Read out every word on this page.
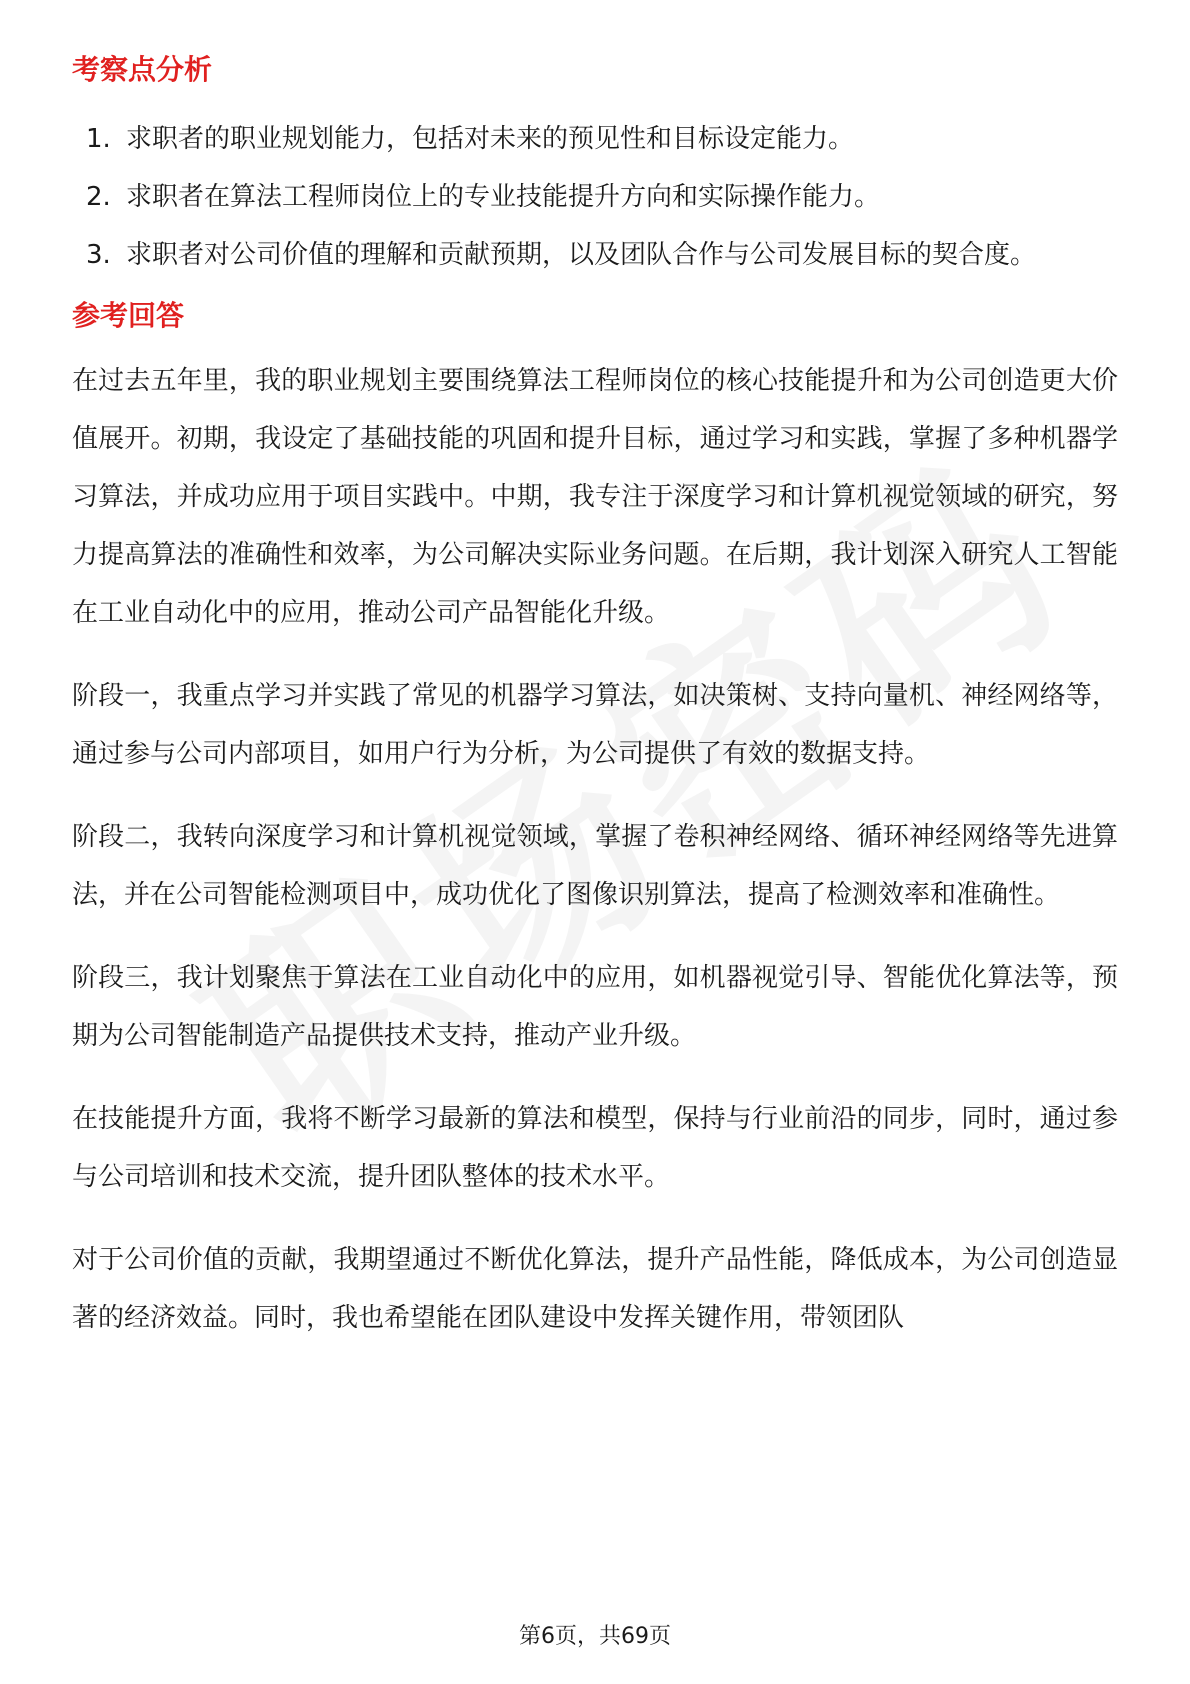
考察点分析
1. 求职者的职业规划能力，包括对未来的预见性和目标设定能力。
2. 求职者在算法工程师岗位上的专业技能提升方向和实际操作能力。
3. 求职者对公司价值的理解和贡献预期，以及团队合作与公司发展目标的契合度。
参考回答

在过去五年里，我的职业规划主要围绕算法工程师岗位的核心技能提升和为公司创造更大价值展开。初期，我设定了基础技能的巩固和提升目标，通过学习和实践，掌握了多种机器学习算法，并成功应用于项目实践中。中期，我专注于深度学习和计算机视觉领域的研究，努力提高算法的准确性和效率，为公司解决实际业务问题。在后期，我计划深入研究人工智能在工业自动化中的应用，推动公司产品智能化升级。

阶段一，我重点学习并实践了常见的机器学习算法，如决策树、支持向量机、神经网络等，通过参与公司内部项目，如用户行为分析，为公司提供了有效的数据支持。

阶段二，我转向深度学习和计算机视觉领域，掌握了卷积神经网络、循环神经网络等先进算法，并在公司智能检测项目中，成功优化了图像识别算法，提高了检测效率和准确性。

阶段三，我计划聚焦于算法在工业自动化中的应用，如机器视觉引导、智能优化算法等，预期为公司智能制造产品提供技术支持，推动产业升级。

在技能提升方面，我将不断学习最新的算法和模型，保持与行业前沿的同步，同时，通过参与公司培训和技术交流，提升团队整体的技术水平。

对于公司价值的贡献，我期望通过不断优化算法，提升产品性能，降低成本，为公司创造显著的经济效益。同时，我也希望能在团队建设中发挥关键作用，带领团队

第6页，共69页
